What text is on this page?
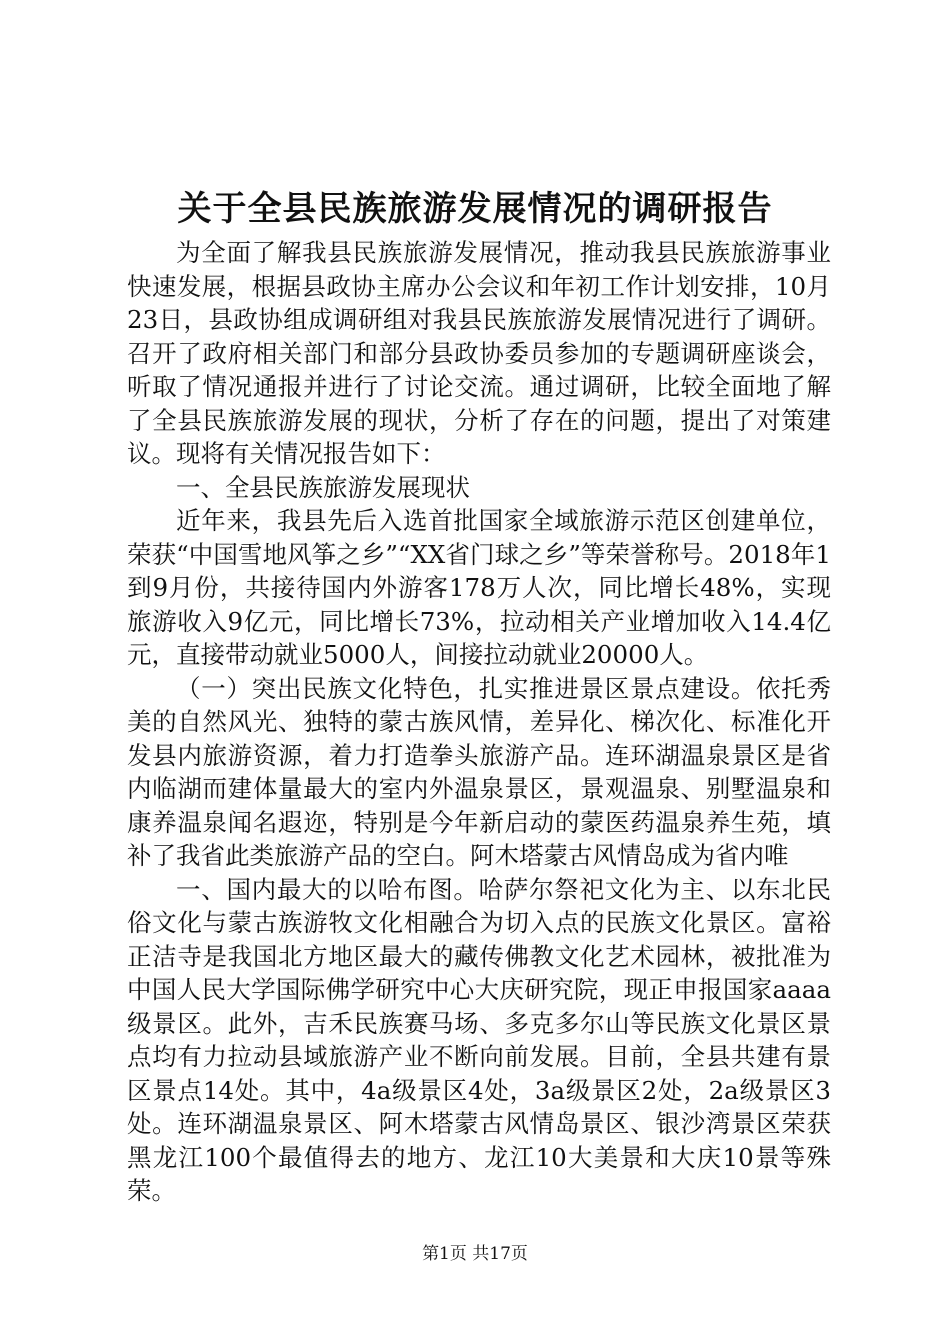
关于全县民族旅游发展情况的调研报告

为全面了解我县民族旅游发展情况，推动我县民族旅游事业快速发展，根据县政协主席办公会议和年初工作计划安排，10月23日，县政协组成调研组对我县民族旅游发展情况进行了调研。召开了政府相关部门和部分县政协委员参加的专题调研座谈会，听取了情况通报并进行了讨论交流。通过调研，比较全面地了解了全县民族旅游发展的现状，分析了存在的问题，提出了对策建议。现将有关情况报告如下：

一、全县民族旅游发展现状

近年来，我县先后入选首批国家全域旅游示范区创建单位，荣获“中国雪地风筝之乡”“XX省门球之乡”等荣誉称号。2018年1到9月份，共接待国内外游客178万人次，同比增长48%，实现旅游收入9亿元，同比增长73%，拉动相关产业增加收入14.4亿元，直接带动就业5000人，间接拉动就业20000人。

（一）突出民族文化特色，扎实推进景区景点建设。依托秀美的自然风光、独特的蒙古族风情，差异化、梯次化、标准化开发县内旅游资源，着力打造拳头旅游产品。连环湖温泉景区是省内临湖而建体量最大的室内外温泉景区，景观温泉、别墅温泉和康养温泉闻名遐迩，特别是今年新启动的蒙医药温泉养生苑，填补了我省此类旅游产品的空白。阿木塔蒙古风情岛成为省内唯

一、国内最大的以哈布图。哈萨尔祭祀文化为主、以东北民俗文化与蒙古族游牧文化相融合为切入点的民族文化景区。富裕正洁寺是我国北方地区最大的藏传佛教文化艺术园林，被批准为中国人民大学国际佛学研究中心大庆研究院，现正申报国家aaaa级景区。此外，吉禾民族赛马场、多克多尔山等民族文化景区景点均有力拉动县域旅游产业不断向前发展。目前，全县共建有景区景点14处。其中，4a级景区4处，3a级景区2处，2a级景区3处。连环湖温泉景区、阿木塔蒙古风情岛景区、银沙湾景区荣获黑龙江100个最值得去的地方、龙江10大美景和大庆10景等殊荣。

第1页 共17页
